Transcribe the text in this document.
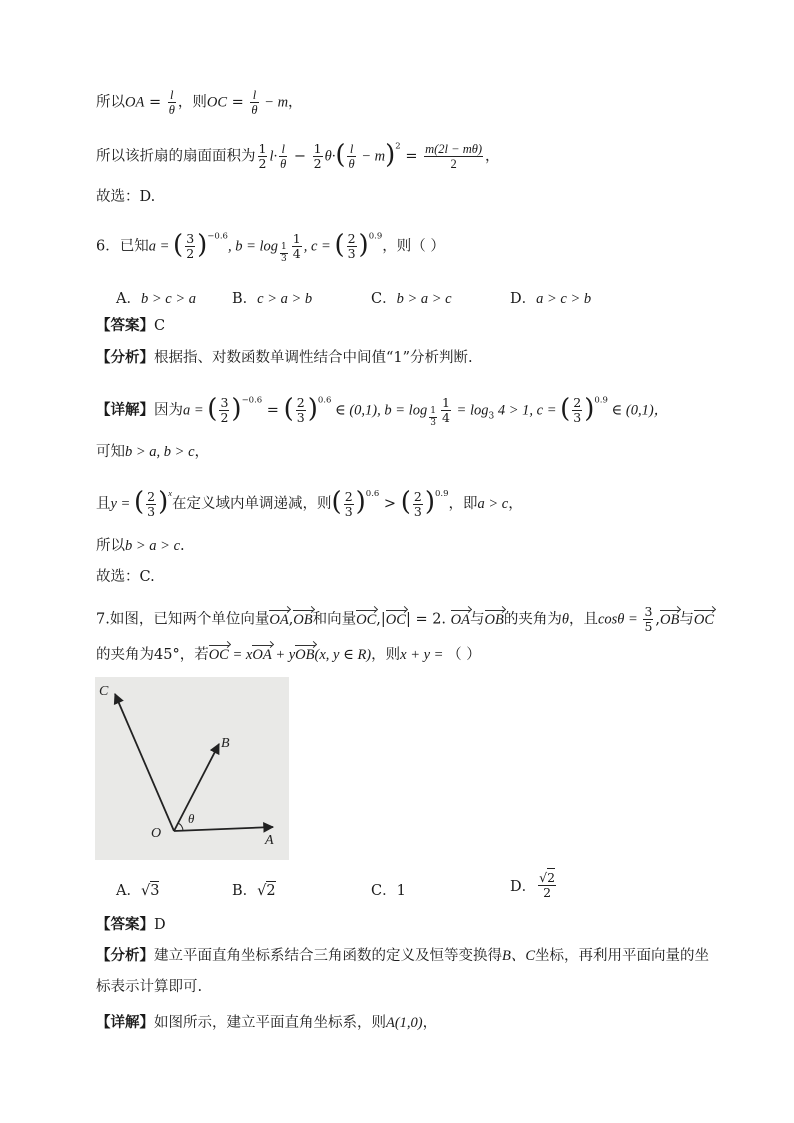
所以OA = $\frac{l}{\theta}$ ，则OC = $\frac{l}{\theta} - m$，
所以该折扇的扇面面积为 $\frac{1}{2} l\cdot \frac{l}{\theta} - \frac{1}{2} \theta\cdot( \frac{l}{\theta} - m)^2 = \frac{m(2l - m\theta)}{2}$ ，
故选：D.
6．已知a = ( $\frac{3}{2} )^{-0.6}$, $b = \log \frac{1}{3} \frac{1}{4}$ , c = ( $\frac{2}{3} )^{0.9}$，则（ ）
A．b > c > a B．c > a > b	C．b > a > c	D．a > c > b
【答案】C
【分析】根据指、对数函数单调性结合中间值“1”分析判断.
【详解】因为a = ( $\frac{3}{2} )^{-0.6}$ = ( $\frac{2}{3} )^{0.6}$ ∈ (0,1), $b = \log \frac{1}{3} \frac{1}{4} = \log_3 4 > 1$, c = ( $\frac{2}{3} )^{0.9}$ ∈ (0,1)，
可知b > a, b > c，
且y = ( $\frac{2}{3} )^x$在定义域内单调递减，则( $\frac{2}{3} )^{0.6}$ > ( $\frac{2}{3} )^{0.9}$，即a > c，
所以b > a > c.
故选：C.
7.如图，已知两个单位向量OA,OB和向量OC,|OC| = 2. OA与OB的夹角为θ，且$\cos\theta = \frac{3}{5} ,OB$与OC
的夹角为45°，若OC = xOA + yOB(x, y ∈ R)，则x + y = （ ）
C
B
O	A
θ
A．√3	B．√2	C．1	D． $\frac{√2}{2}$
【答案】D
【分析】建立平面直角坐标系结合三角函数的定义及恒等变换得B、C坐标，再利用平面向量的坐
标表示计算即可.
【详解】如图所示，建立平面直角坐标系，则A(1,0)，
